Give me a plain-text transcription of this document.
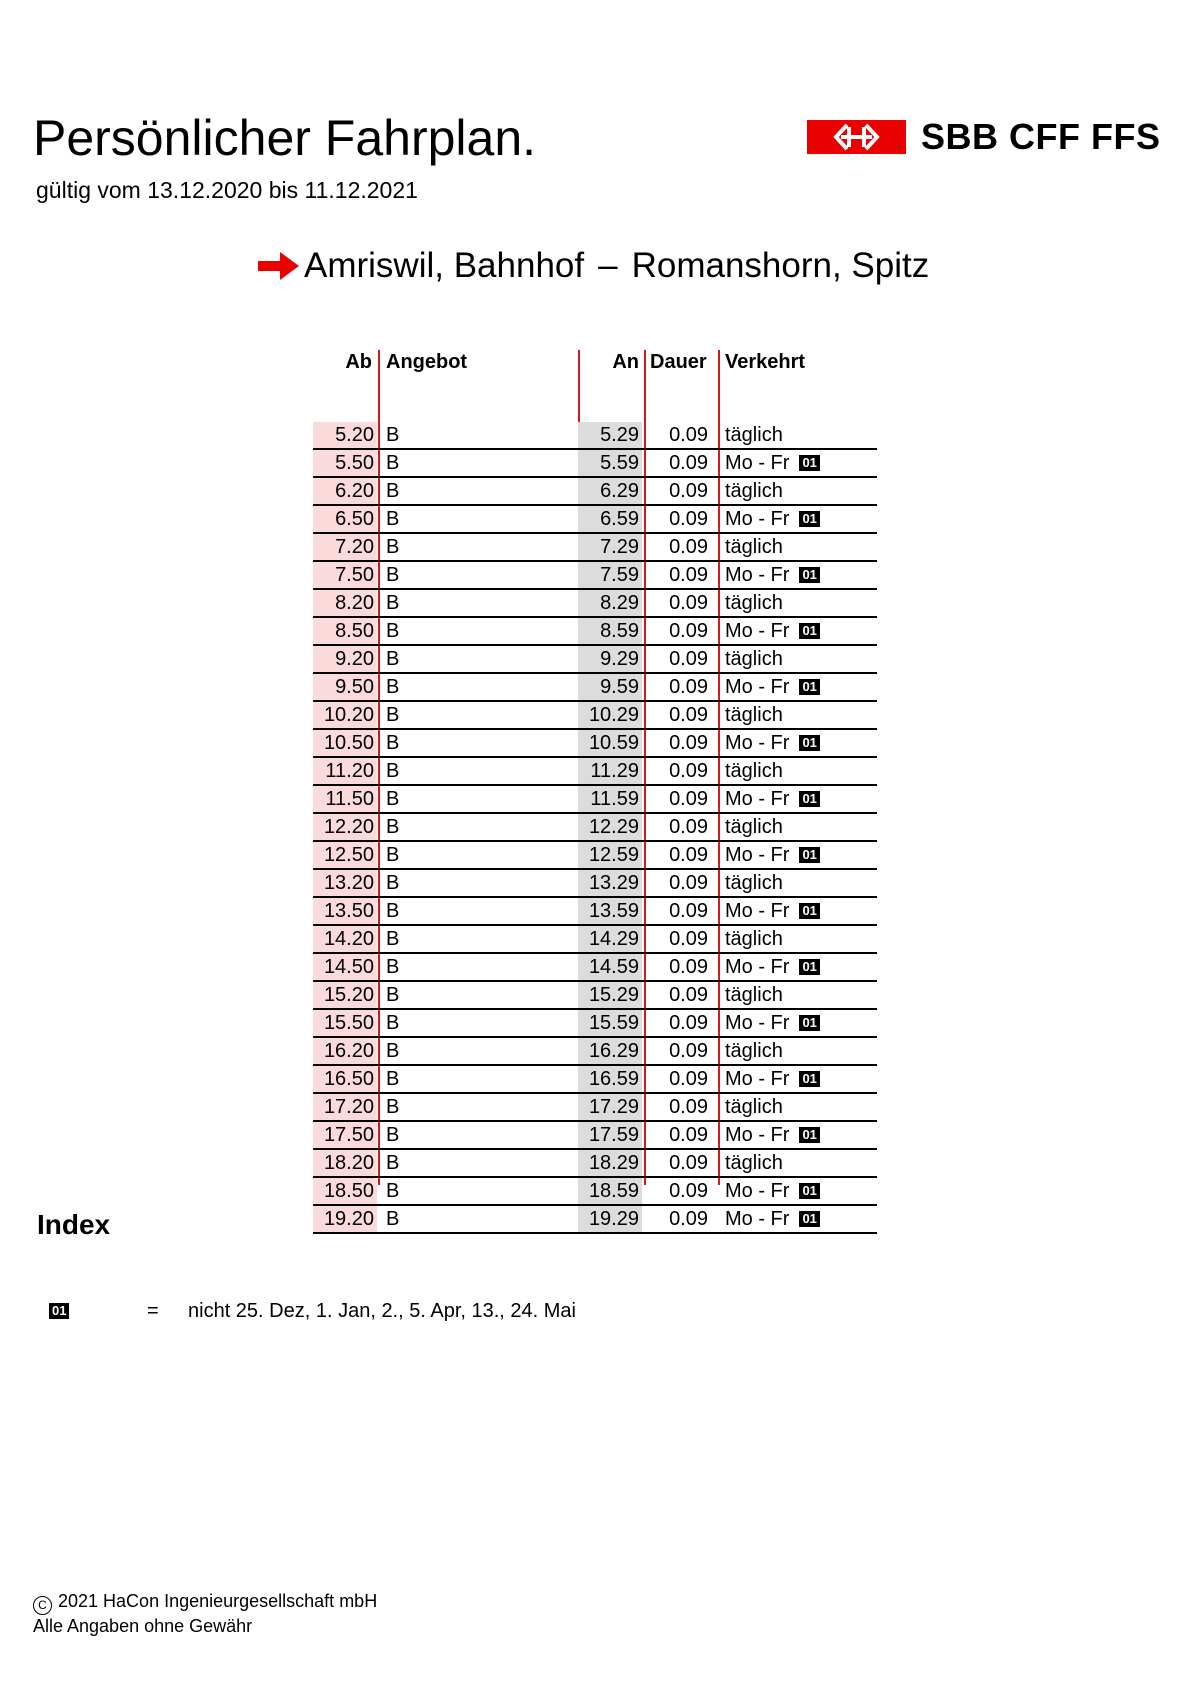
Persönlicher Fahrplan.
gültig vom 13.12.2020 bis 11.12.2021
SBB CFF FFS
Amriswil, Bahnhof – Romanshorn, Spitz
Ab Angebot	An Dauer Verkehrt
5.20 B	5.29	0.09 täglich
5.50 B	5.59	0.09 Mo - Fr 01
6.20 B	6.29	0.09 täglich
6.50 B	6.59	0.09 Mo - Fr 01
7.20 B	7.29	0.09 täglich
7.50 B	7.59	0.09 Mo - Fr 01
8.20 B	8.29	0.09 täglich
8.50 B	8.59	0.09 Mo - Fr 01
9.20 B	9.29	0.09 täglich
9.50 B	9.59	0.09 Mo - Fr 01
10.20 B	10.29	0.09 täglich
10.50 B	10.59	0.09 Mo - Fr 01
11.20 B	11.29	0.09 täglich
11.50 B	11.59	0.09 Mo - Fr 01
12.20 B	12.29	0.09 täglich
12.50 B	12.59	0.09 Mo - Fr 01
13.20 B	13.29	0.09 täglich
13.50 B	13.59	0.09 Mo - Fr 01
14.20 B	14.29	0.09 täglich
14.50 B	14.59	0.09 Mo - Fr 01
15.20 B	15.29	0.09 täglich
15.50 B	15.59	0.09 Mo - Fr 01
16.20 B	16.29	0.09 täglich
16.50 B	16.59	0.09 Mo - Fr 01
17.20 B	17.29	0.09 täglich
17.50 B	17.59	0.09 Mo - Fr 01
18.20 B	18.29	0.09 täglich
18.50 B	18.59	0.09 Mo - Fr 01
19.20 B	19.29	0.09 Mo - Fr 01
Index
01	= nicht 25. Dez, 1. Jan, 2., 5. Apr, 13., 24. Mai
C 2021 HaCon Ingenieurgesellschaft mbH
Alle Angaben ohne Gewähr
